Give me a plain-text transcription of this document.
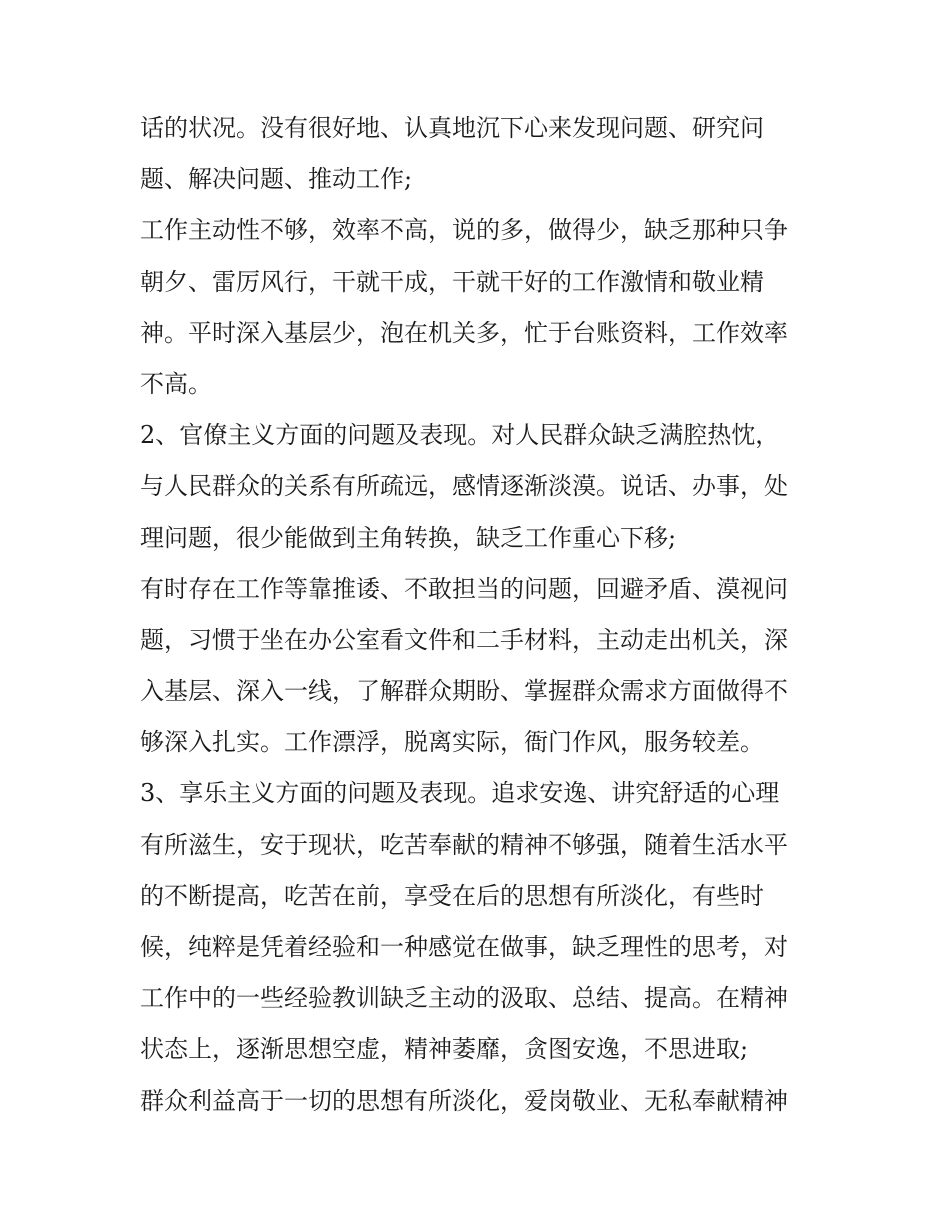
话的状况。没有很好地、认真地沉下心来发现问题、研究问
题、解决问题、推动工作;
工作主动性不够，效率不高，说的多，做得少，缺乏那种只争
朝夕、雷厉风行，干就干成，干就干好的工作激情和敬业精
神。平时深入基层少，泡在机关多，忙于台账资料，工作效率
不高。
2、官僚主义方面的问题及表现。对人民群众缺乏满腔热忱，
与人民群众的关系有所疏远，感情逐渐淡漠。说话、办事，处
理问题，很少能做到主角转换，缺乏工作重心下移;
有时存在工作等靠推诿、不敢担当的问题，回避矛盾、漠视问
题，习惯于坐在办公室看文件和二手材料，主动走出机关，深
入基层、深入一线，了解群众期盼、掌握群众需求方面做得不
够深入扎实。工作漂浮，脱离实际，衙门作风，服务较差。
3、享乐主义方面的问题及表现。追求安逸、讲究舒适的心理
有所滋生，安于现状，吃苦奉献的精神不够强，随着生活水平
的不断提高，吃苦在前，享受在后的思想有所淡化，有些时
候，纯粹是凭着经验和一种感觉在做事，缺乏理性的思考，对
工作中的一些经验教训缺乏主动的汲取、总结、提高。在精神
状态上，逐渐思想空虚，精神萎靡，贪图安逸，不思进取;
群众利益高于一切的思想有所淡化，爱岗敬业、无私奉献精神
